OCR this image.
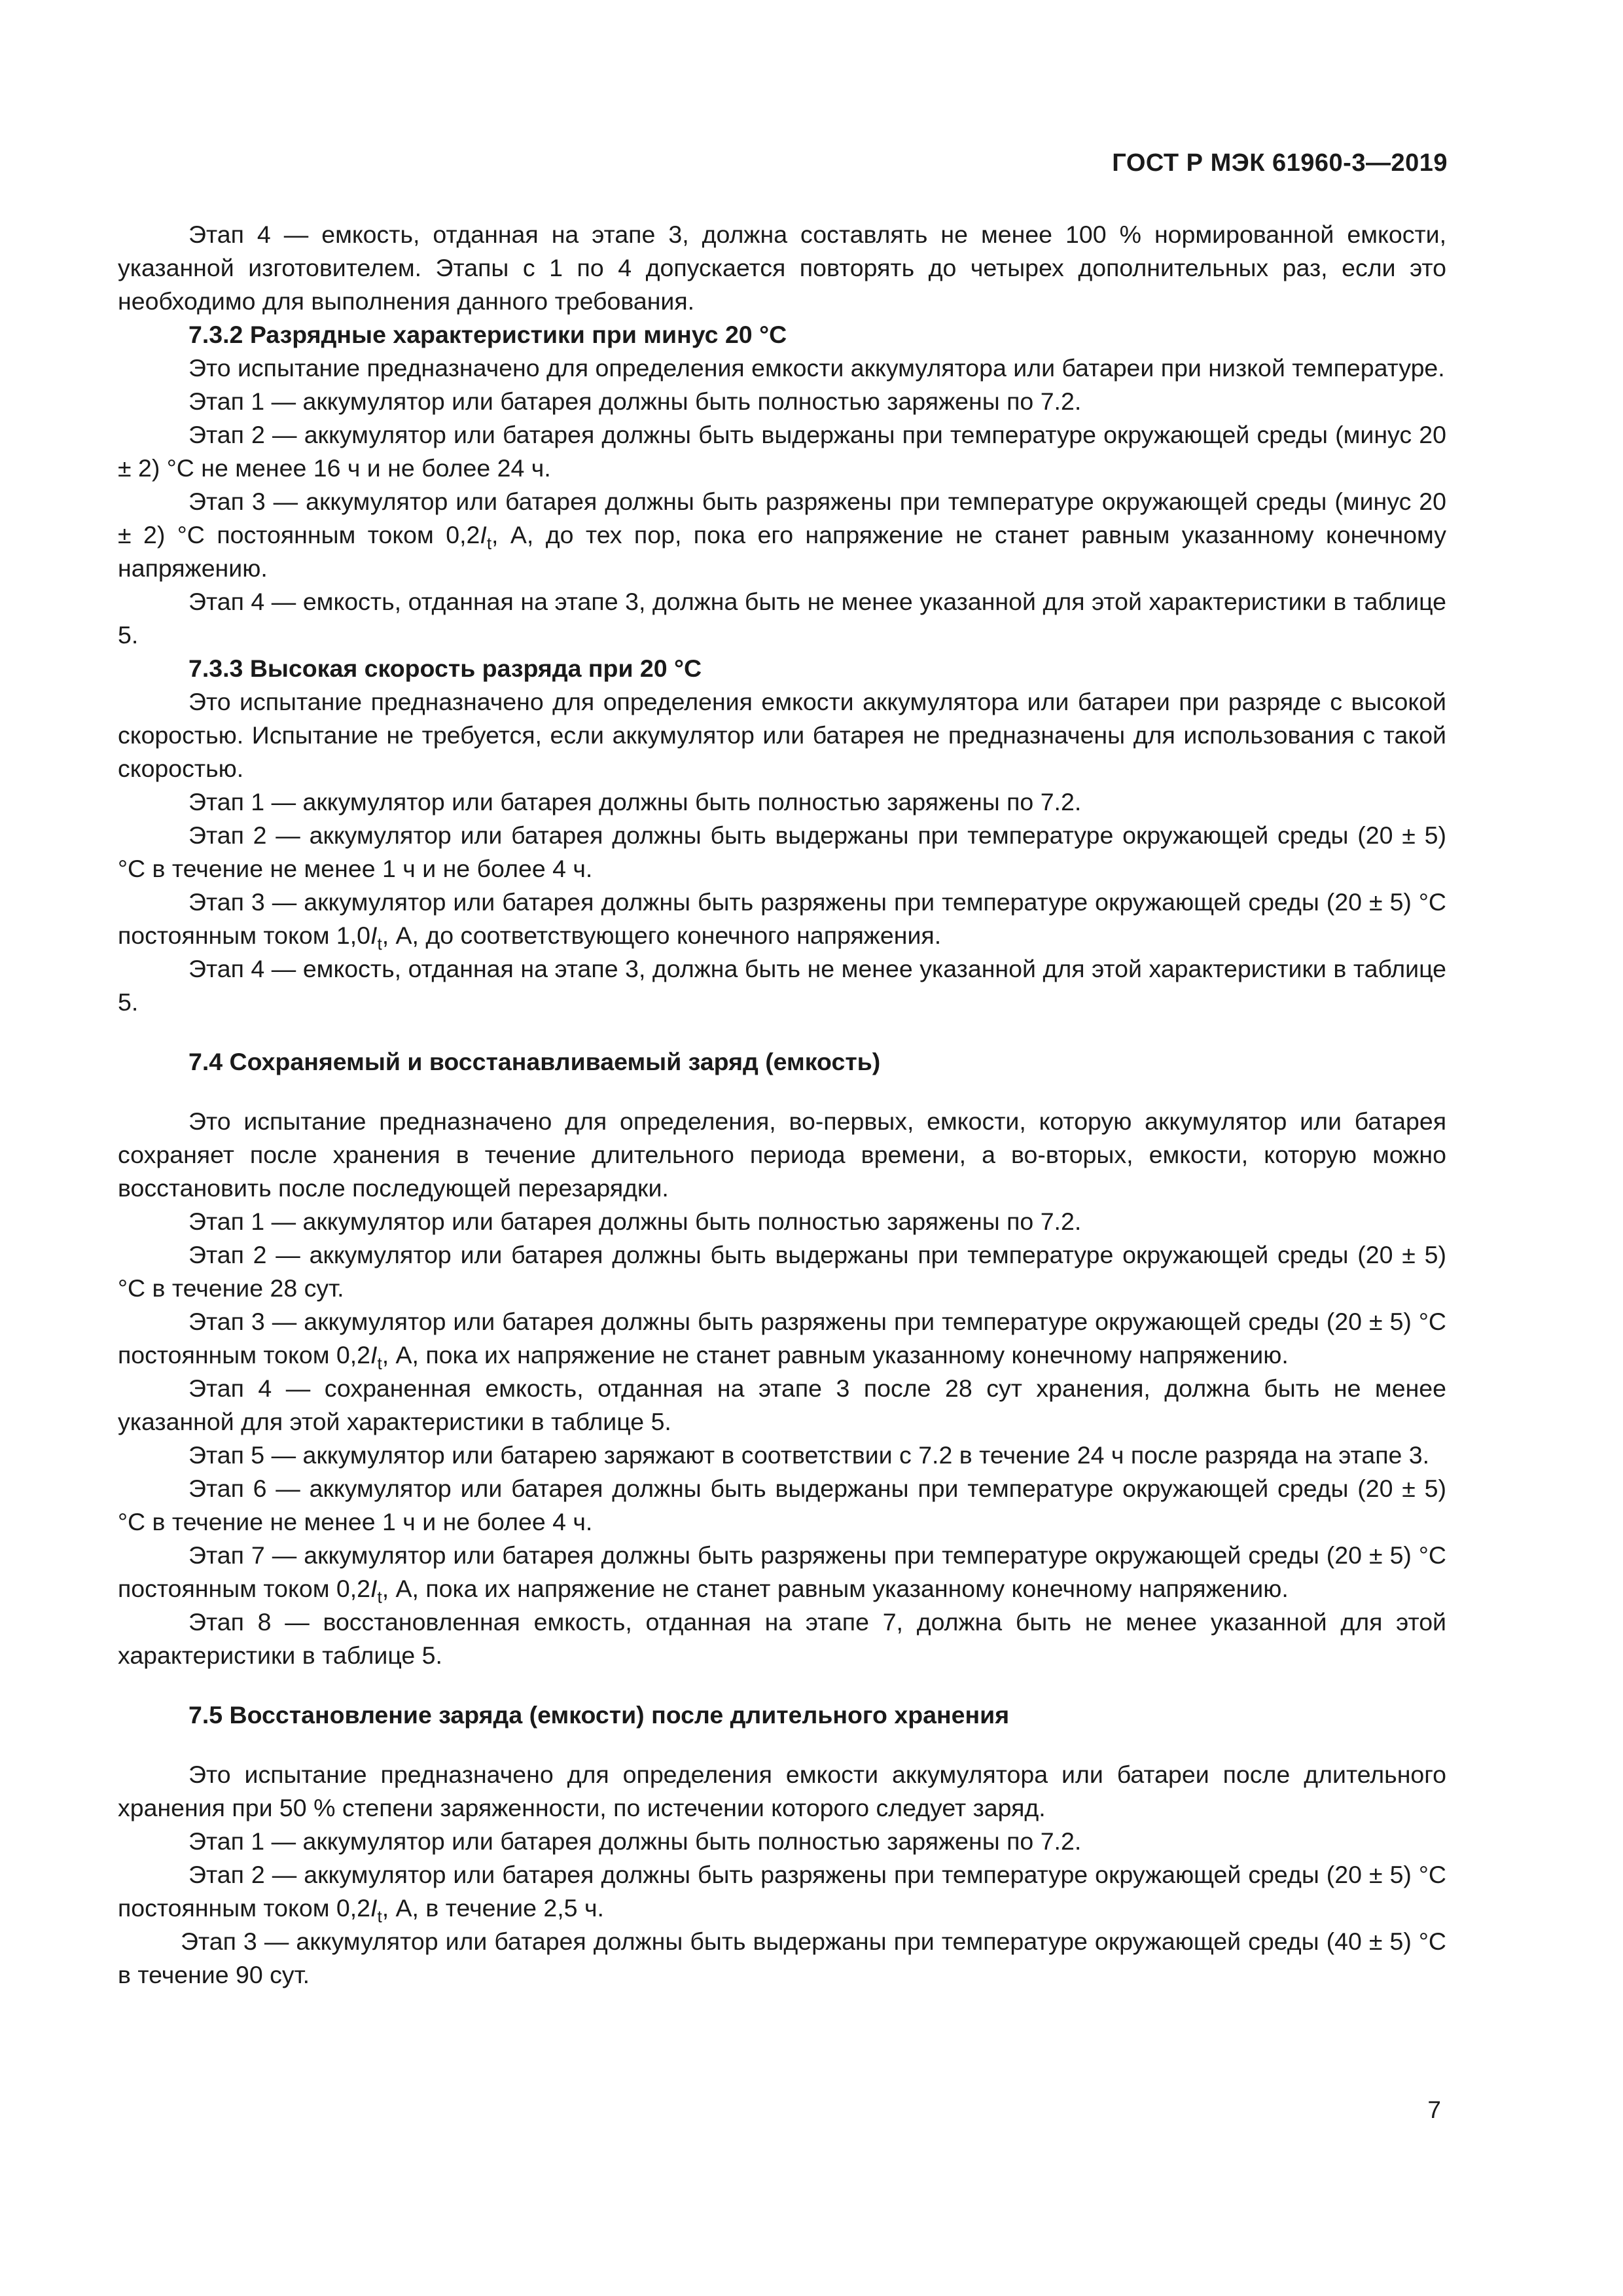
ГОСТ Р МЭК 61960-3—2019

Этап 4 — емкость, отданная на этапе 3, должна составлять не менее 100 % нормированной емкости, указанной изготовителем. Этапы с 1 по 4 допускается повторять до четырех дополнительных раз, если это необходимо для выполнения данного требования.

7.3.2 Разрядные характеристики при минус 20 °С

Это испытание предназначено для определения емкости аккумулятора или батареи при низкой температуре.

Этап 1 — аккумулятор или батарея должны быть полностью заряжены по 7.2.

Этап 2 — аккумулятор или батарея должны быть выдержаны при температуре окружающей среды (минус 20 ± 2) °С не менее 16 ч и не более 24 ч.

Этап 3 — аккумулятор или батарея должны быть разряжены при температуре окружающей среды (минус 20 ± 2) °С постоянным током $0,2I_t$, А, до тех пор, пока его напряжение не станет равным указанному конечному напряжению.

Этап 4 — емкость, отданная на этапе 3, должна быть не менее указанной для этой характеристики в таблице 5.

7.3.3 Высокая скорость разряда при 20 °С

Это испытание предназначено для определения емкости аккумулятора или батареи при разряде с высокой скоростью. Испытание не требуется, если аккумулятор или батарея не предназначены для использования с такой скоростью.

Этап 1 — аккумулятор или батарея должны быть полностью заряжены по 7.2.

Этап 2 — аккумулятор или батарея должны быть выдержаны при температуре окружающей среды (20 ± 5) °С в течение не менее 1 ч и не более 4 ч.

Этап 3 — аккумулятор или батарея должны быть разряжены при температуре окружающей среды (20 ± 5) °С постоянным током $1,0I_t$, А, до соответствующего конечного напряжения.

Этап 4 — емкость, отданная на этапе 3, должна быть не менее указанной для этой характеристики в таблице 5.

7.4 Сохраняемый и восстанавливаемый заряд (емкость)

Это испытание предназначено для определения, во-первых, емкости, которую аккумулятор или батарея сохраняет после хранения в течение длительного периода времени, а во-вторых, емкости, которую можно восстановить после последующей перезарядки.

Этап 1 — аккумулятор или батарея должны быть полностью заряжены по 7.2.

Этап 2 — аккумулятор или батарея должны быть выдержаны при температуре окружающей среды (20 ± 5) °С в течение 28 сут.

Этап 3 — аккумулятор или батарея должны быть разряжены при температуре окружающей среды (20 ± 5) °С постоянным током $0,2I_t$, А, пока их напряжение не станет равным указанному конечному напряжению.

Этап 4 — сохраненная емкость, отданная на этапе 3 после 28 сут хранения, должна быть не менее указанной для этой характеристики в таблице 5.

Этап 5 — аккумулятор или батарею заряжают в соответствии с 7.2 в течение 24 ч после разряда на этапе 3.

Этап 6 — аккумулятор или батарея должны быть выдержаны при температуре окружающей среды (20 ± 5) °С в течение не менее 1 ч и не более 4 ч.

Этап 7 — аккумулятор или батарея должны быть разряжены при температуре окружающей среды (20 ± 5) °С постоянным током $0,2I_t$, А, пока их напряжение не станет равным указанному конечному напряжению.

Этап 8 — восстановленная емкость, отданная на этапе 7, должна быть не менее указанной для этой характеристики в таблице 5.

7.5 Восстановление заряда (емкости) после длительного хранения

Это испытание предназначено для определения емкости аккумулятора или батареи после длительного хранения при 50 % степени заряженности, по истечении которого следует заряд.

Этап 1 — аккумулятор или батарея должны быть полностью заряжены по 7.2.

Этап 2 — аккумулятор или батарея должны быть разряжены при температуре окружающей среды (20 ± 5) °С постоянным током $0,2I_t$, А, в течение 2,5 ч.

Этап 3 — аккумулятор или батарея должны быть выдержаны при температуре окружающей среды (40 ± 5) °С в течение 90 сут.

7
